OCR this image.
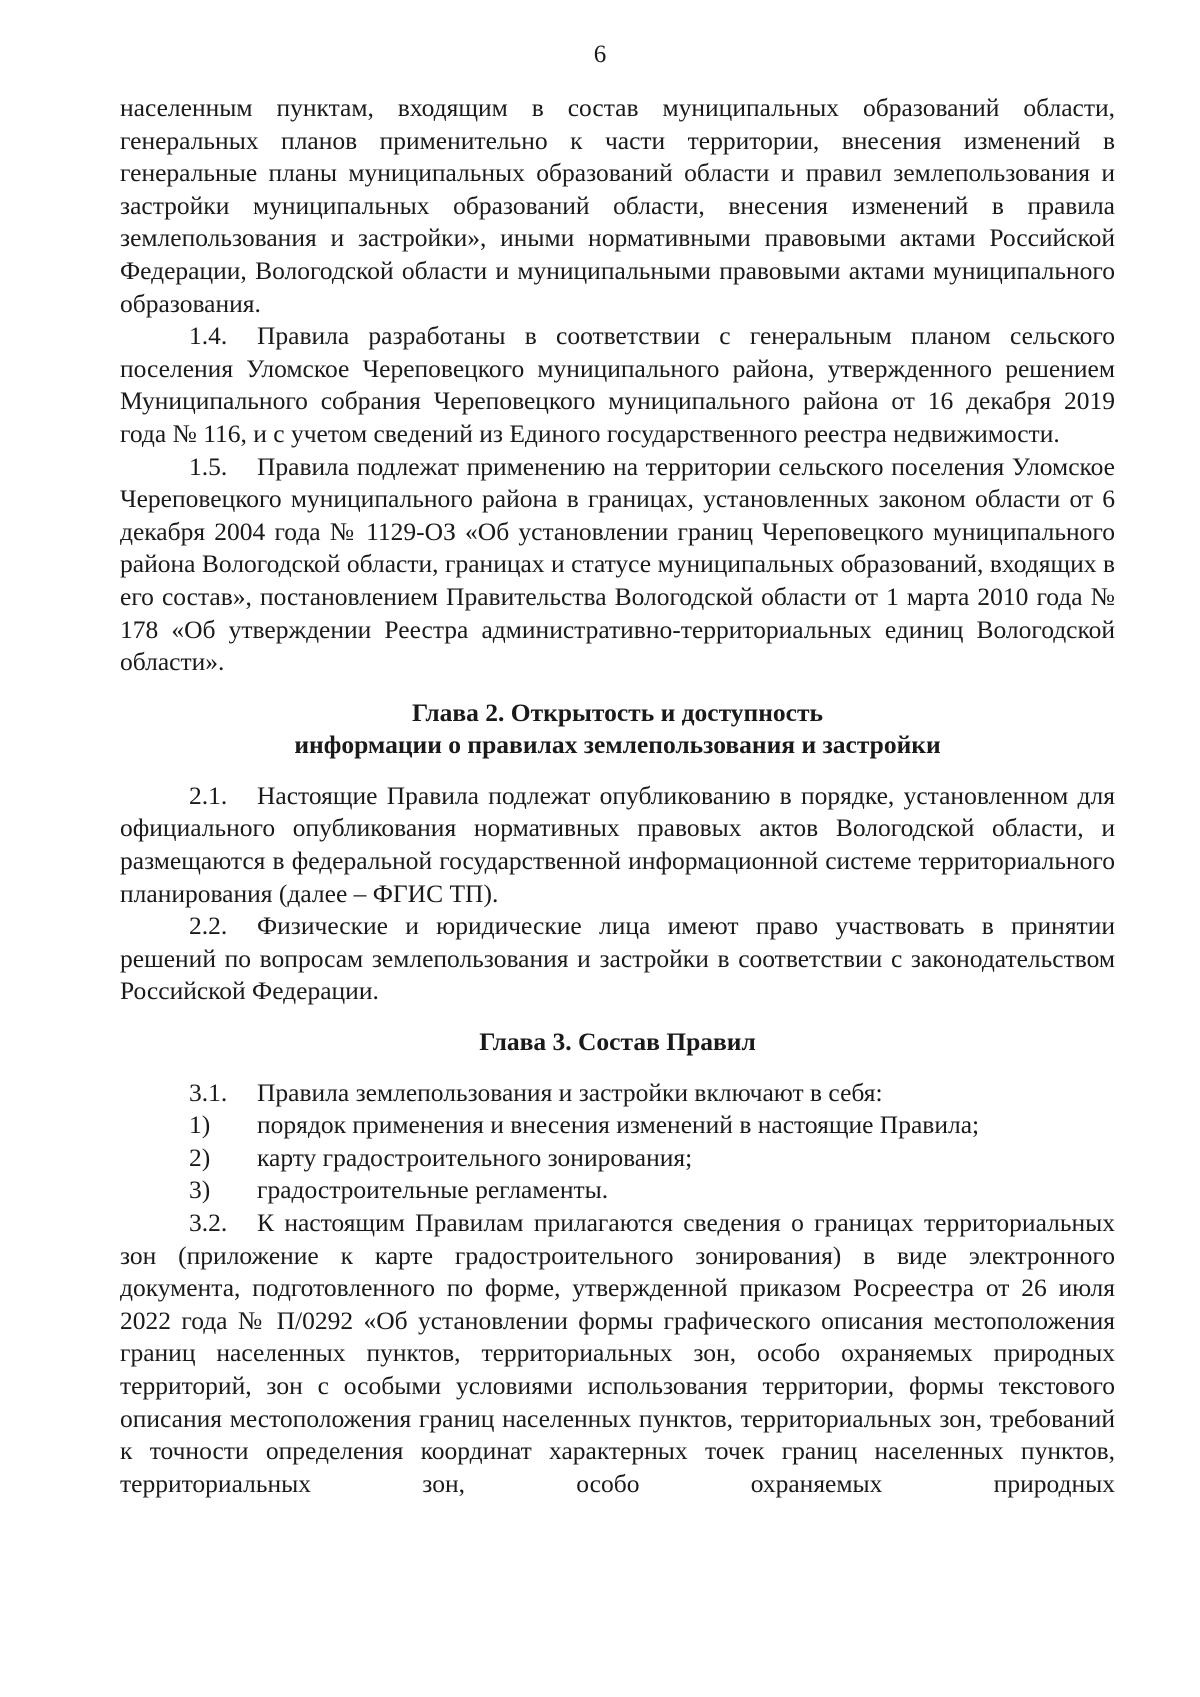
6

населенным пунктам, входящим в состав муниципальных образований области, генеральных планов применительно к части территории, внесения изменений в генеральные планы муниципальных образований области и правил землепользования и застройки муниципальных образований области, внесения изменений в правила землепользования и застройки», иными нормативными правовыми актами Российской Федерации, Вологодской области и муниципальными правовыми актами муниципального образования.

1.4. Правила разработаны в соответствии с генеральным планом сельского поселения Уломское Череповецкого муниципального района, утвержденного решением Муниципального собрания Череповецкого муниципального района от 16 декабря 2019 года № 116, и с учетом сведений из Единого государственного реестра недвижимости.

1.5. Правила подлежат применению на территории сельского поселения Уломское Череповецкого муниципального района в границах, установленных законом области от 6 декабря 2004 года № 1129-ОЗ «Об установлении границ Череповецкого муниципального района Вологодской области, границах и статусе муниципальных образований, входящих в его состав», постановлением Правительства Вологодской области от 1 марта 2010 года № 178 «Об утверждении Реестра административно-территориальных единиц Вологодской области».

Глава 2. Открытость и доступность

информации о правилах землепользования и застройки

2.1. Настоящие Правила подлежат опубликованию в порядке, установленном для официального опубликования нормативных правовых актов Вологодской области, и размещаются в федеральной государственной информационной системе территориального планирования (далее – ФГИС ТП).

2.2. Физические и юридические лица имеют право участвовать в принятии решений по вопросам землепользования и застройки в соответствии с законодательством Российской Федерации.

Глава 3. Состав Правил

3.1. Правила землепользования и застройки включают в себя:

1) порядок применения и внесения изменений в настоящие Правила;

2) карту градостроительного зонирования;

3) градостроительные регламенты.

3.2. К настоящим Правилам прилагаются сведения о границах территориальных зон (приложение к карте градостроительного зонирования) в виде электронного документа, подготовленного по форме, утвержденной приказом Росреестра от 26 июля 2022 года № П/0292 «Об установлении формы графического описания местоположения границ населенных пунктов, территориальных зон, особо охраняемых природных территорий, зон с особыми условиями использования территории, формы текстового описания местоположения границ населенных пунктов, территориальных зон, требований к точности определения координат характерных точек границ населенных пунктов, территориальных зон, особо охраняемых природных
